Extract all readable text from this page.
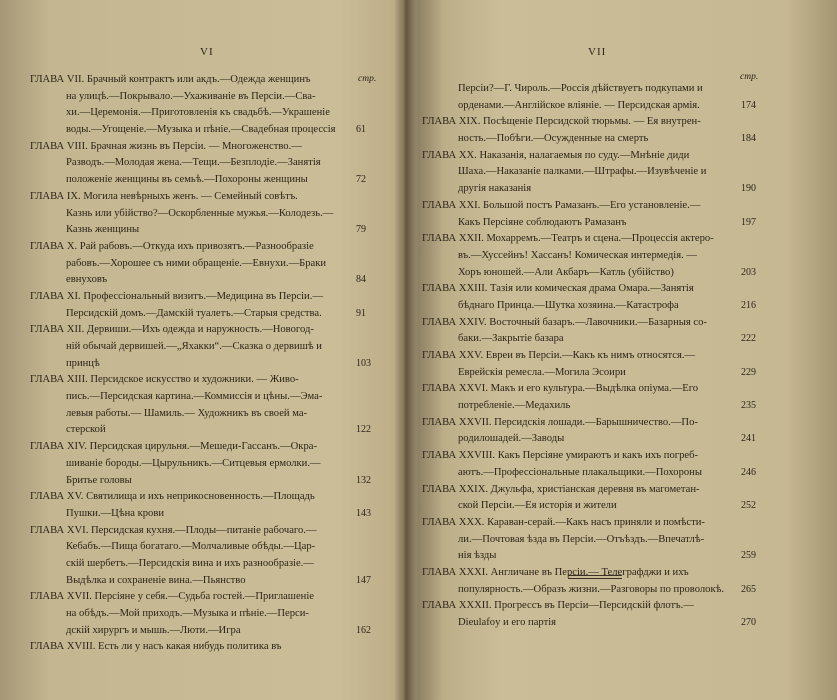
VI
стр.
ГЛАВА VII. Брачный контрактъ или акдъ.—Одежда женщинъ
на улицѣ.—Покрывало.—Ухаживаніе въ Персіи.—Сва-
хи.—Церемонія.—Приготовленія къ свадьбѣ.—Украшеніе
воды.—Угощеніе.—Музыка и пѣніе.—Свадебная процессія 61
ГЛАВА VIII. Брачная жизнь въ Персіи. — Многоженство.—
Разводъ.—Молодая жена.—Тещи.—Безплодіе.—Занятія
положеніе женщины въ семьѣ.—Похороны женщины	72
ГЛАВА IX. Могила невѣрныхъ женъ. — Семейный совѣтъ.
Казнь или убійство?—Оскорбленные мужья.—Колодезь.—
Казнь женщины	79
ГЛАВА X. Рай рабовъ.—Откуда ихъ привозятъ.—Разнообразіе
рабовъ.—Хорошее съ ними обращеніе.—Евнухи.—Браки
евнуховъ	84
ГЛАВА XI. Профессіональный визитъ.—Медицина въ Персіи.—
Персидскій домъ.—Дамскій туалетъ.—Старыя средства.	91
ГЛАВА XII. Дервиши.—Ихъ одежда и наружность.—Новогод-
ній обычай дервишей.—„Яхакки“.—Сказка о дервишѣ и
принцѣ	103
ГЛАВА XIII. Персидское искусство и художники. — Живо-
пись.—Персидская картина.—Коммиссія и цѣны.—Эма-
левыя работы.— Шамиль.— Художникъ въ своей ма-
стерской	122
ГЛАВА XIV. Персидская цирульня.—Мешеди-Гассанъ.—Окра-
шиваніе бороды.—Цырульникъ.—Ситцевыя ермолки.—
Бритье головы	132
ГЛАВА XV. Святилища и ихъ неприкосновенность.—Площадь
Пушки.—Цѣна крови	143
ГЛАВА XVI. Персидская кухня.—Плоды—питаніе рабочаго.—
Кебабъ.—Пища богатаго.—Молчаливые обѣды.—Цар-
скій шербетъ.—Персидскія вина и ихъ разнообразіе.—
Выдѣлка и сохраненіе вина.—Пьянство	147
ГЛАВА XVII. Персіяне у себя.—Судьба гостей.—Приглашеніе
на обѣдъ.—Мой приходъ.—Музыка и пѣніе.—Перси-
дскій хирургъ и мышь.—Люти.—Игра	162
ГЛАВА XVIII. Есть ли у насъ какая нибудь политика въ
VII
стр.
Персіи?—Г. Чироль.—Россія дѣйствуетъ подкупами и
орденами.—Англійское вліяніе. — Персидская армія.	174
ГЛАВА XIX. Посѣщеніе Персидской тюрьмы. — Ея внутрен-
ность.—Побѣги.—Осужденные на смерть	184
ГЛАВА XX. Наказанія, налагаемыя по суду.—Мнѣніе диди
Шаха.—Наказаніе палками.—Штрафы.—Изувѣченіе и
другія наказанія	190
ГЛАВА XXI. Большой постъ Рамазанъ.—Его установленіе.—
Какъ Персіяне соблюдаютъ Рамазанъ	197
ГЛАВА XXII. Мохарремъ.—Театръ и сцена.—Процессія актеро-
въ.—Хуссейнъ! Хассанъ! Комическая интермедія. —
Хоръ юношей.—Али Акбаръ—Катль (убійство)	203
ГЛАВА XXIII. Тазія или комическая драма Омара.—Занятія
бѣднаго Принца.—Шутка хозяина.—Катастрофа	216
ГЛАВА XXIV. Восточный базаръ.—Лавочники.—Базарныя со-
баки.—Закрытіе базара	222
ГЛАВА XXV. Евреи въ Персіи.—Какъ къ нимъ относятся.—
Еврейскія ремесла.—Могила Эсоири	229
ГЛАВА XXVI. Макъ и его культура.—Выдѣлка опіума.—Его
потребленіе.—Медахиль	235
ГЛАВА XXVII. Персидскія лошади.—Барышничество.—По-
родилошадей.—Заводы	241
ГЛАВА XXVIII. Какъ Персіяне умираютъ и какъ ихъ погреб-
аютъ.—Профессіональные плакальщики.—Похороны	246
ГЛАВА XXIX. Джульфа, христіанская деревня въ магометан-
ской Персіи.—Ея исторія и жители	252
ГЛАВА XXX. Караван-серай.—Какъ насъ приняли и помѣсти-
ли.—Почтовая ѣзда въ Персіи.—Отъѣздъ.—Впечатлѣ-
нія ѣзды	259
ГЛАВА XXXI. Англичане въ Персіи.— Телеграфджи и ихъ
популярность.—Образъ жизни.—Разговоры по проволокѣ. 265
ГЛАВА XXXII. Прогрессъ въ Персіи—Персидскій флотъ.—
Dieulafoy и его партія	270
